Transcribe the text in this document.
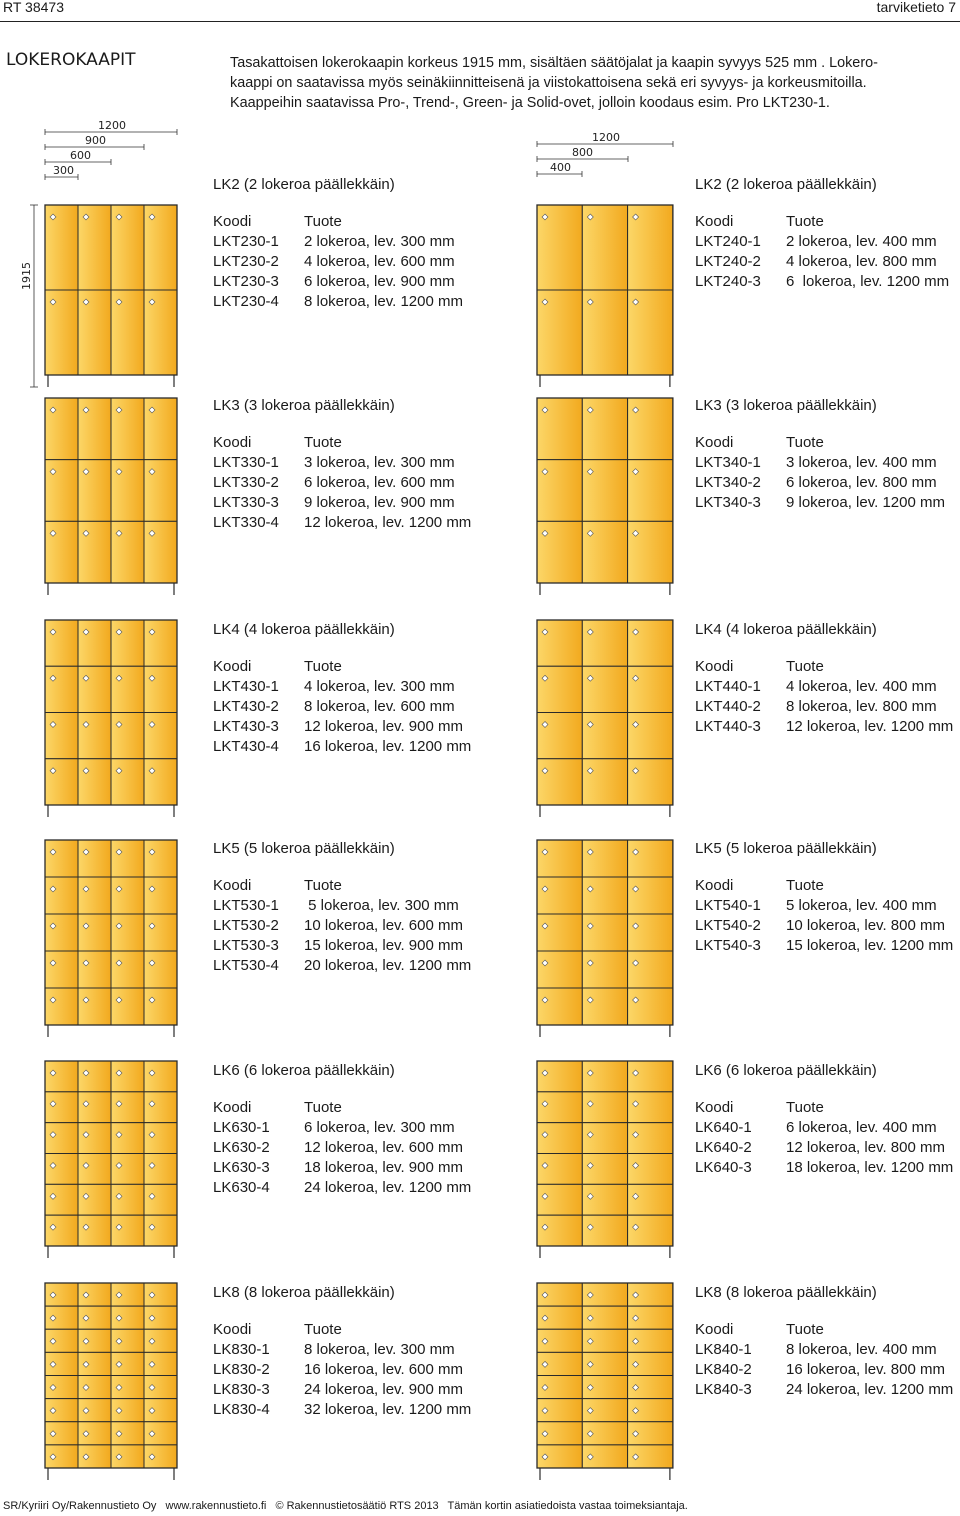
RT 38473	tarviketieto 7
LOKEROKAAPIT	Tasakattoisen lokerokaapin korkeus 1915 mm, sisältäen säätöjalat ja kaapin syvyys 525 mm . Lokero-

kaappi on saatavissa myös seinäkiinnitteisenä ja viistokattoisena sekä eri syvyys- ja korkeusmitoilla.

Kaappeihin saatavissa Pro-, Trend-, Green- ja Solid-ovet, jolloin koodaus esim. Pro LKT230-1.

1200
900
600
300
1915
1200
800
400
LK2 (2 lokeroa päällekkäin)
Koodi	Tuote
LKT230-1	2 lokeroa, lev. 300 mm
LKT230-2	4 lokeroa, lev. 600 mm
LKT230-3	6 lokeroa, lev. 900 mm
LKT230-4	8 lokeroa, lev. 1200 mm
LK2 (2 lokeroa päällekkäin)
Koodi	Tuote
LKT240-1	2 lokeroa, lev. 400 mm
LKT240-2	4 lokeroa, lev. 800 mm
LKT240-3	6  lokeroa, lev. 1200 mm
LK3 (3 lokeroa päällekkäin)
Koodi	Tuote
LKT330-1	3 lokeroa, lev. 300 mm
LKT330-2	6 lokeroa, lev. 600 mm
LKT330-3	9 lokeroa, lev. 900 mm
LKT330-4	12 lokeroa, lev. 1200 mm
LK3 (3 lokeroa päällekkäin)
Koodi	Tuote
LKT340-1	3 lokeroa, lev. 400 mm
LKT340-2	6 lokeroa, lev. 800 mm
LKT340-3	9 lokeroa, lev. 1200 mm
LK4 (4 lokeroa päällekkäin)
Koodi	Tuote
LKT430-1	4 lokeroa, lev. 300 mm
LKT430-2	8 lokeroa, lev. 600 mm
LKT430-3	12 lokeroa, lev. 900 mm
LKT430-4	16 lokeroa, lev. 1200 mm
LK4 (4 lokeroa päällekkäin)
Koodi	Tuote
LKT440-1	4 lokeroa, lev. 400 mm
LKT440-2	8 lokeroa, lev. 800 mm
LKT440-3	12 lokeroa, lev. 1200 mm
LK5 (5 lokeroa päällekkäin)
Koodi	Tuote
LKT530-1	5 lokeroa, lev. 300 mm
LKT530-2	10 lokeroa, lev. 600 mm
LKT530-3	15 lokeroa, lev. 900 mm
LKT530-4	20 lokeroa, lev. 1200 mm
LK5 (5 lokeroa päällekkäin)
Koodi	Tuote
LKT540-1	5 lokeroa, lev. 400 mm
LKT540-2	10 lokeroa, lev. 800 mm
LKT540-3	15 lokeroa, lev. 1200 mm
LK6 (6 lokeroa päällekkäin)
Koodi	Tuote
LK630-1	6 lokeroa, lev. 300 mm
LK630-2	12 lokeroa, lev. 600 mm
LK630-3	18 lokeroa, lev. 900 mm
LK630-4	24 lokeroa, lev. 1200 mm
LK6 (6 lokeroa päällekkäin)
Koodi	Tuote
LK640-1	6 lokeroa, lev. 400 mm
LK640-2	12 lokeroa, lev. 800 mm
LK640-3	18 lokeroa, lev. 1200 mm
LK8 (8 lokeroa päällekkäin)
Koodi	Tuote
LK830-1	8 lokeroa, lev. 300 mm
LK830-2	16 lokeroa, lev. 600 mm
LK830-3	24 lokeroa, lev. 900 mm
LK830-4	32 lokeroa, lev. 1200 mm
LK8 (8 lokeroa päällekkäin)
Koodi	Tuote
LK840-1	8 lokeroa, lev. 400 mm
LK840-2	16 lokeroa, lev. 800 mm
LK840-3	24 lokeroa, lev. 1200 mm
SR/Kyriiri Oy/Rakennustieto Oy www.rakennustieto.fi © Rakennustietosäätiö RTS 2013 Tämän kortin asiatiedoista vastaa toimeksiantaja.
